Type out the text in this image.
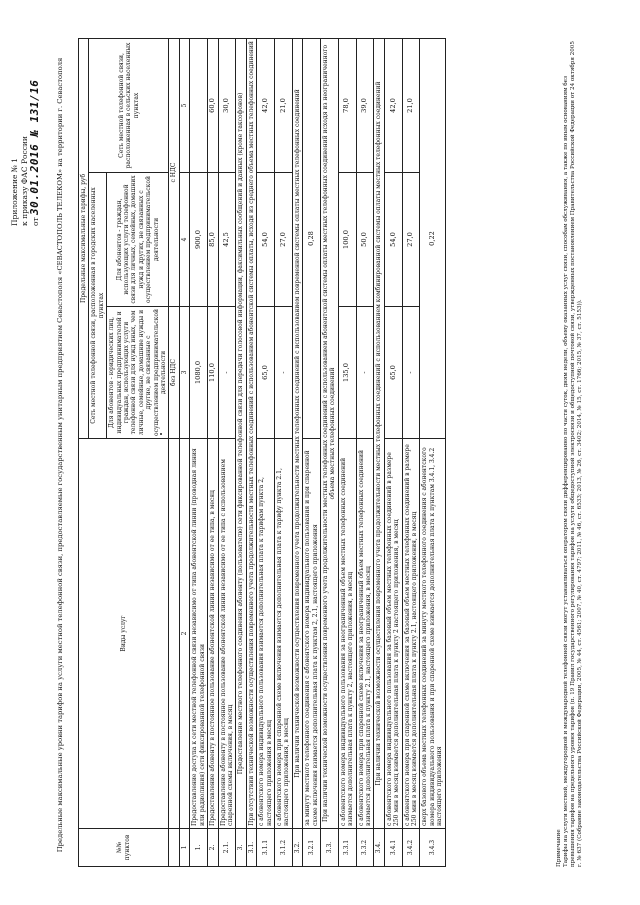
Приложение № 1 к приказу ФАС России от 30.01.2016 № 131/16 Предельные максимальные уровни тарифов на услуги местной телефонной связи, предоставляемые государственным унитарным предприятием Севастополя «СЕВАСТОПОЛЬ ТЕЛЕКОМ» на территории г. Севастополя	№№ пунктов	Виды услуг	Предельные максимальные тарифы, руб		
		Сеть местной телефонной связи, расположенная в городских населенных пунктах		Сеть местной телефонной связи, расположенная в сельских населенных пунктах
		Для абонентов - юридических лиц, индивидуальных предпринимателей и граждан, использующих услуги телефонной связи для нужд иных, чем личные, семейные, домашние нужды и другие, не связанные с осуществлением предпринимательской деятельности	Для абонентов - граждан, использующих услуги телефонной связи для личных, семейных, домашних нужд и других, не связанных с осуществлением предпринимательской деятельности	
		без НДС	с НДС	
1	2	3	4	5
1.	Предоставление доступа к сети местной телефонной связи независимо от типа абонентской линии (проводная линия или радиолиния) сети фиксированной телефонной связи	1080,0	900,0	
2.	Предоставление абоненту в постоянное пользование абонентской линии независимо от ее типа, в месяц	110,0	85,0	60,0
2.1.	Предоставление абоненту в постоянное пользование абонентской линии независимо от ее типа с использованием спаренной схемы включения, в месяц	-	42,5	30,0
3.	Предоставление местного телефонного соединения абоненту (пользователю) сети фиксированной телефонной связи для передачи голосовой информации, факсимильных сообщений и данных (кроме таксофонов)			
3.1.	При отсутствии технической возможности осуществления повременного учета продолжительности местных телефонных соединений с использованием абонентской системы оплаты, исходя из среднего объема местных телефонных соединений			
3.1.1	с абонентского номера индивидуального пользования взимается дополнительная плата к тарифам пункта 2, настоящего приложения в месяц	65,0	54,0	42,0
3.1.2	с абонентского номера при спаренной схеме включения взимается дополнительная плата к тарифу пункта 2.1, настоящего приложения, в месяц	-	27,0	21,0
3.2.	При наличии технической возможности осуществления повременного учета продолжительности местных телефонных соединений с использованием повременной системы оплаты местных телефонных соединений			
3.2.1	за минуту местного телефонного соединения с абонентского номера индивидуального пользования и при спаренной схеме включения взимается дополнительная плата к пунктам 2, 2.1, настоящего приложения	0,28		
3.3.	При наличии технической возможности осуществления повременного учета продолжительности местных телефонных соединений с использованием абонентской системы оплаты местных телефонных соединений исходя из неограниченного объема местных телефонных соединений			
3.3.1	с абонентского номера индивидуального пользования за неограниченный объем местных телефонных соединений взимается дополнительная плата к пункту 2, настоящего приложения, в месяц	135,0	100,0	78,0
3.3.2	с абонентского номера при спаренной схеме включения за неограниченный объем местных телефонных соединений взимается дополнительная плата к пункту 2.1, настоящего приложения, в месяц	-	50,0	39,0
3.4.	При наличии технической возможности осуществления повременного учета продолжительности местных телефонных соединений с использованием комбинированной системы оплаты местных телефонных соединений			
3.4.1	с абонентского номера индивидуального пользования за базовый объем местных телефонных соединений в размере 250 мин в месяц взимается дополнительная плата к пункту 2 настоящего приложения, в месяц	65,0	54,0	42,0
3.4.2	с абонентского номера при спаренной схеме включения за базовый объем местных телефонных соединений в размере 250 мин в месяц взимается дополнительная плата к пункту 2.1, настоящего приложения, в месяц	-	27,0	21,0
3.4.3	сверх базового объема местных телефонных соединений за минуту местного телефонного соединения с абонентского номера индивидуального пользования и при спаренной схеме взимается дополнительная плата к пунктам 3.4.1, 3.4.2 настоящего приложения	0,22		
Примечание Тарифы на услуги местной, междугородной и международной телефонной связи могут устанавливаться оператором связи дифференцированно по части суток, дням недели, объему оказанных услуг связи, способам обслуживания, а также по иным основаниям без превышения тарифов на предельного уровня тарифов (п. 19 Правил государственного регулирования тарифов на услуги общедоступной электросвязи и общедоступной почтовой связи, утвержденных постановлением Правительства Российской Федерации от 24 октября 2005 г. № 637 (Собрание законодательства Российской Федерации, 2005, № 44, ст. 4561; 2007, № 40, ст. 4797; 2011, № 46, ст. 6533; 2013, № 26, ст. 3402; 2014, № 15, ст. 1766; 2015, № 37, ст. 5153)).
